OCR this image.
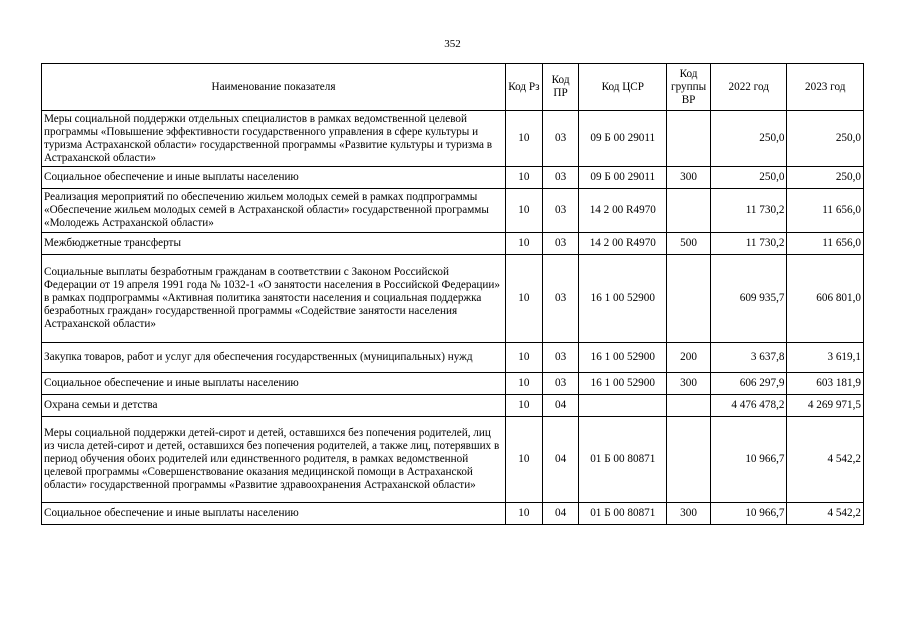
352
Наименование показателя	Код Рз	Код ПР	Код ЦСР	Код группы ВР	2022 год	2023 год
Меры социальной поддержки отдельных специалистов в рамках ведомственной целевой программы «Повышение эффективности государственного управления в сфере культуры и туризма Астраханской области» государственной программы «Развитие культуры и туризма в Астраханской области»	10	03	09 Б 00 29011		250,0	250,0
Социальное обеспечение и иные выплаты населению	10	03	09 Б 00 29011	300	250,0	250,0
Реализация мероприятий по обеспечению жильем молодых семей в рамках подпрограммы «Обеспечение жильем молодых семей в Астраханской области» государственной программы «Молодежь Астраханской области»	10	03	14 2 00 R4970		11 730,2	11 656,0
Межбюджетные трансферты	10	03	14 2 00 R4970	500	11 730,2	11 656,0
Социальные выплаты безработным гражданам в соответствии с Законом Российской Федерации от 19 апреля 1991 года № 1032-1 «О занятости населения в Российской Федерации» в рамках подпрограммы «Активная политика занятости населения и социальная поддержка безработных граждан» государственной программы «Содействие занятости населения Астраханской области»	10	03	16 1 00 52900		609 935,7	606 801,0
Закупка товаров, работ и услуг для обеспечения государственных (муниципальных) нужд	10	03	16 1 00 52900	200	3 637,8	3 619,1
Социальное обеспечение и иные выплаты населению	10	03	16 1 00 52900	300	606 297,9	603 181,9
Охрана семьи и детства	10	04			4 476 478,2	4 269 971,5
Меры социальной поддержки детей-сирот и детей, оставшихся без попечения родителей, лиц из числа детей-сирот и детей, оставшихся без попечения родителей, а также лиц, потерявших в период обучения обоих родителей или единственного родителя, в рамках ведомственной целевой программы «Совершенствование оказания медицинской помощи в Астраханской области» государственной программы «Развитие здравоохранения Астраханской области»	10	04	01 Б 00 80871		10 966,7	4 542,2
Социальное обеспечение и иные выплаты населению	10	04	01 Б 00 80871	300	10 966,7	4 542,2
